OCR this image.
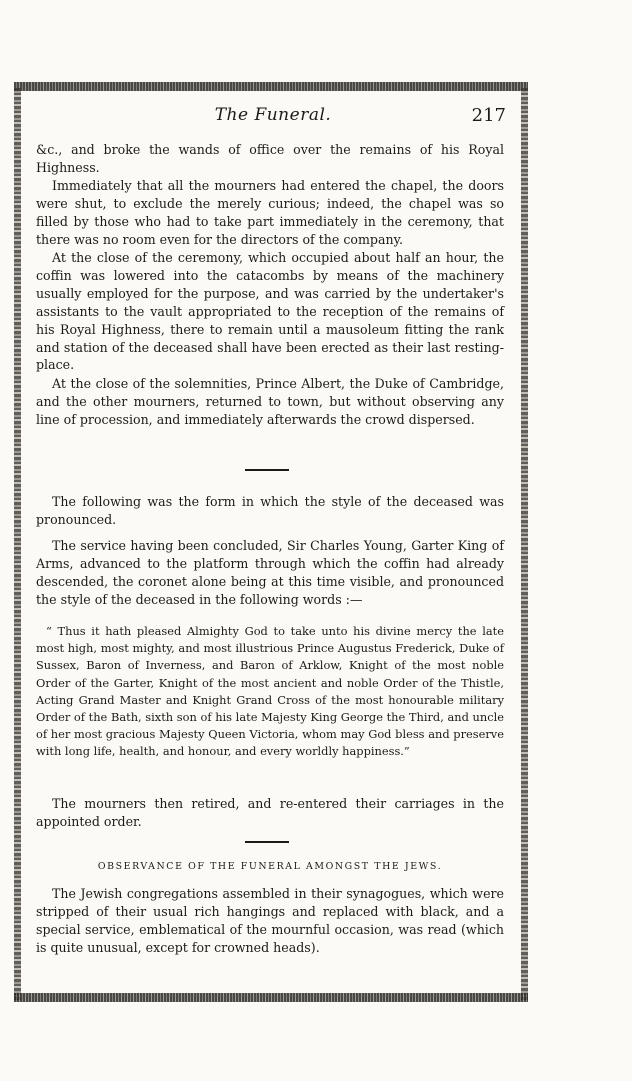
The Funeral.	217

&c., and broke the wands of office over the remains of his Royal Highness.

Immediately that all the mourners had entered the chapel, the doors were shut, to exclude the merely curious; indeed, the chapel was so filled by those who had to take part immediately in the ceremony, that there was no room even for the directors of the company.

At the close of the ceremony, which occupied about half an hour, the coffin was lowered into the catacombs by means of the machinery usually employed for the purpose, and was carried by the undertaker's assistants to the vault appropriated to the reception of the remains of his Royal Highness, there to remain until a mausoleum fitting the rank and station of the deceased shall have been erected as their last resting-place.

At the close of the solemnities, Prince Albert, the Duke of Cambridge, and the other mourners, returned to town, but without observing any line of procession, and immediately afterwards the crowd dispersed.

The following was the form in which the style of the deceased was pronounced.

The service having been concluded, Sir Charles Young, Garter King of Arms, advanced to the platform through which the coffin had already descended, the coronet alone being at this time visible, and pronounced the style of the deceased in the following words :—

“ Thus it hath pleased Almighty God to take unto his divine mercy the late most high, most mighty, and most illustrious Prince Augustus Frederick, Duke of Sussex, Baron of Inverness, and Baron of Arklow, Knight of the most noble Order of the Garter, Knight of the most ancient and noble Order of the Thistle, Acting Grand Master and Knight Grand Cross of the most honourable military Order of the Bath, sixth son of his late Majesty King George the Third, and uncle of her most gracious Majesty Queen Victoria, whom may God bless and preserve with long life, health, and honour, and every worldly happiness.”

The mourners then retired, and re-entered their carriages in the appointed order.

OBSERVANCE OF THE FUNERAL AMONGST THE JEWS.

The Jewish congregations assembled in their synagogues, which were stripped of their usual rich hangings and replaced with black, and a special service, emblematical of the mournful occasion, was read (which is quite unusual, except for crowned heads).
